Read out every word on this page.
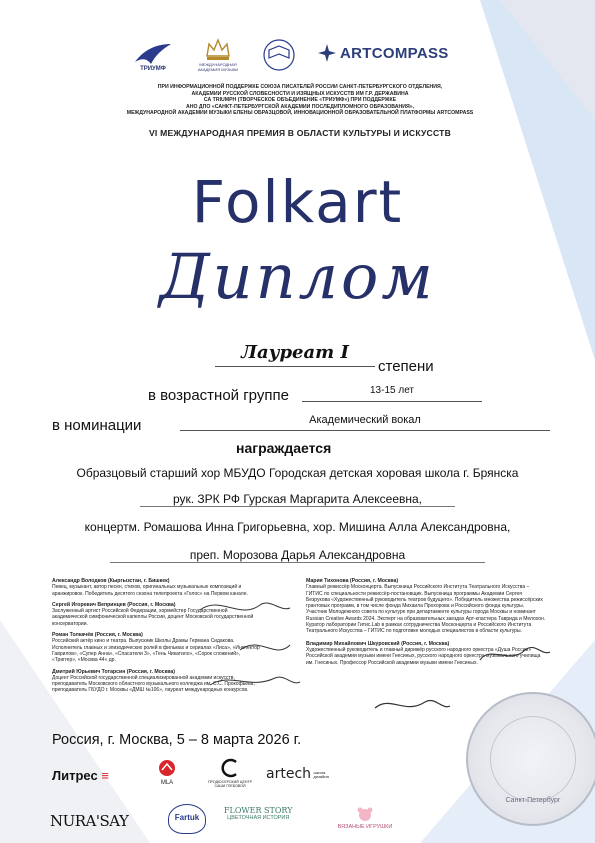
ТРИУМФ
МЕЖДУНАРОДНАЯ АКАДЕМИЯ МУЗЫКИ
ARTCOMPASS
ПРИ ИНФОРМАЦИОННОЙ ПОДДЕРЖКЕ СОЮЗА ПИСАТЕЛЕЙ РОССИИ САНКТ-ПЕТЕРБУРГСКОГО ОТДЕЛЕНИЯ,
АКАДЕМИИ РУССКОЙ СЛОВЕСНОСТИ И ИЗЯЩНЫХ ИСКУССТВ ИМ Г.Р. ДЕРЖАВИНА
СА TRIUMPH (ТВОРЧЕСКОЕ ОБЪЕДИНЕНИЕ «ТРИУМФ») ПРИ ПОДДЕРЖКЕ
АНО ДПО «САНКТ-ПЕТЕРБУРГСКОЙ АКАДЕМИИ ПОСЛЕДИПЛОМНОГО ОБРАЗОВАНИЯ»,
МЕЖДУНАРОДНОЙ АКАДЕМИИ МУЗЫКИ ЕЛЕНЫ ОБРАЗЦОВОЙ, ИННОВАЦИОННОЙ ОБРАЗОВАТЕЛЬНОЙ ПЛАТФОРМЫ ARTCOMPASS
VI МЕЖДУНАРОДНАЯ ПРЕМИЯ В ОБЛАСТИ КУЛЬТУРЫ И ИСКУССТВ
Folkart
Диплом
Лауреат I
степени
в возрастной группе	13-15 лет
в номинации	Академический вокал
награждается
Образцовый старший хор МБУДО Городская детская хоровая школа г. Брянска
рук. ЗРК РФ Гурская Маргарита Алексеевна,
концертм. Ромашова Инна Григорьевна, хор. Мишина Алла Александровна,
преп. Морозова Дарья Александровна
Александр Володков (Кыргызстан, г. Бишкек)
Певец, музыкант, автор песен, стихов, оригинальных музыкальных композиций и аранжировок. Победитель десятого сезона телепроекта «Голос» на Первом канале.
Сергей Игоревич Вепринцев (Россия, г. Москва)
Заслуженный артист Российской Федерации, хормейстер Государственной академической симфонической капеллы России, доцент Московской государственной консерватории.
Роман Толкачёв (Россия, г. Москва)
Российский актёр кино и театра. Выпускник Школы Драмы Германа Сидакова. Исполнитель главных и эпизодических ролей в фильмах и сериалах «Лиса», «Инспектор Гаврилов», «Супер Анна», «Спасатели 3», «Тень Чикатило», «Сорок сложений», «Триггер», «Москва 44» др.
Дмитрий Юрьевич Тотарсин (Россия, г. Москва)
Доцент Российской государственной специализированной академии искусств, преподаватель Московского областного музыкального колледжа им. С.С. Прокофьева, преподаватель ГБУДО г. Москвы «ДМШ №106», лауреат международных конкурсов.
Мария Тихонова (Россия, г. Москва)
Главный режиссёр Москонцерта. Выпускница Российского Института Театрального Искусства – ГИТИС по специальности режиссёр-постановщик. Выпускница программы Академии Сергея Безрукова «Художественный руководитель театров будущего». Победитель множества режиссёрских грантовых программ, в том числе фонда Михаила Прохорова и Российского фонда культуры. Участник Молодежного совета по культуре при департаменте культуры города Москвы и номинант Russian Creative Awards 2024. Эксперт на образовательных заездах Арт-кластера Таврида и Мелохон. Куратор лаборатории Гитис.Lab в рамках сотрудничества Москонцерта и Российского Института Театрального Искусства – ГИТИС по подготовке молодых специалистов в области культуры.
Владимир Михайлович Шкуровский (Россия, г. Москва)
Художественный руководитель и главный дирижёр русского народного оркестра «Душа России» Российской академии музыки имени Гнесиных, русского народного оркестра музыкального училища им. Гнесиных. Профессор Российской академии музыки имени Гнесиных.
Санкт-Петербург
Россия, г. Москва, 5 – 8 марта 2026 г.
Литрес ≡	MLA	ПРОДЮСЕРСКИЙ ЦЕНТР САШИ ГЛЕБОВОЙ
artech школа дизайна
NURA'SAY	Fartuk
FLOWER STORY
ЦВЕТОЧНАЯ ИСТОРИЯ
ВЯЗАНЫЕ ИГРУШКИ
